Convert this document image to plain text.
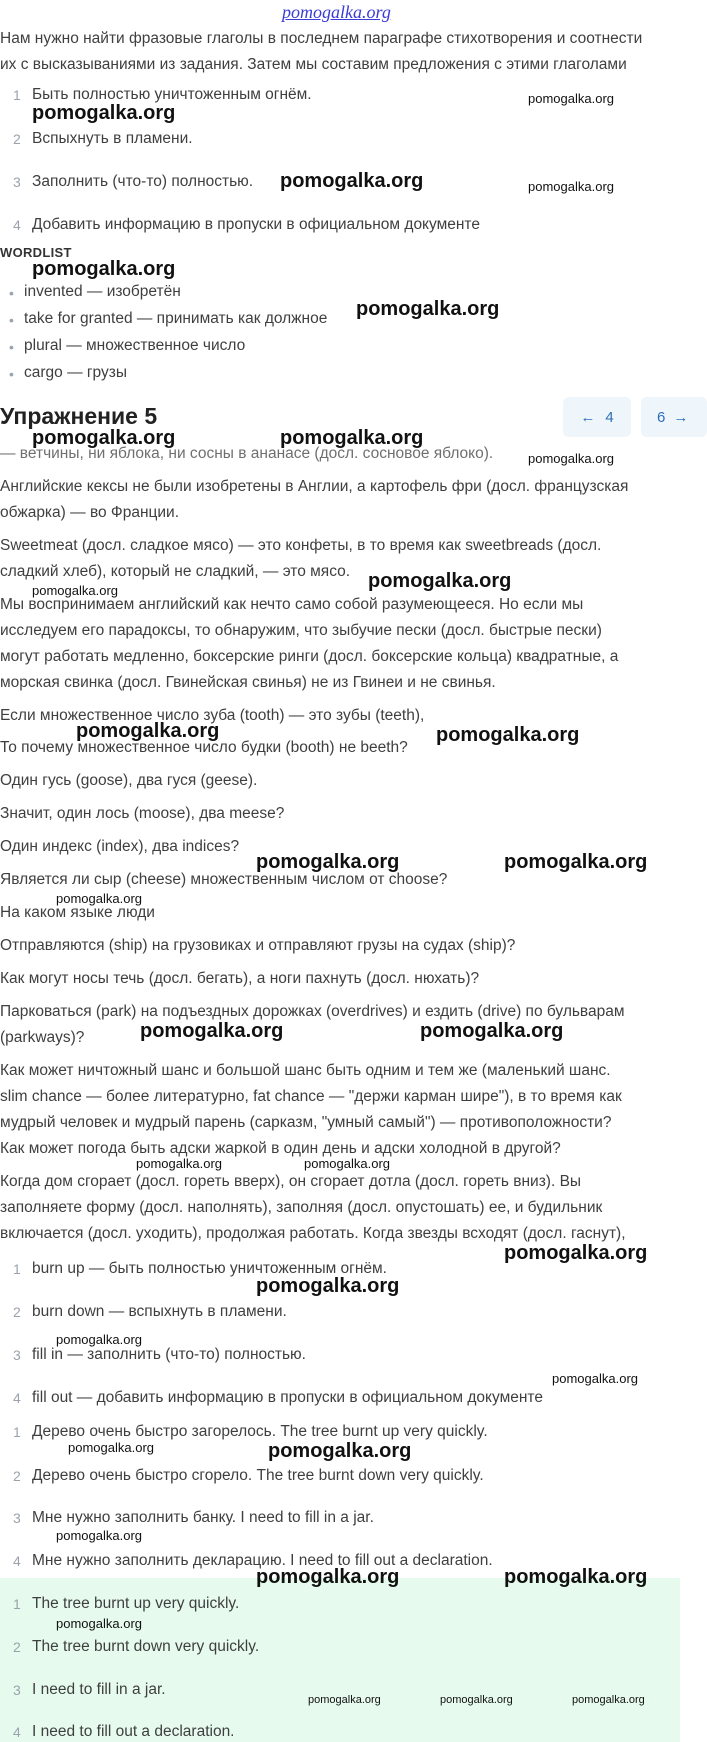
pomogalka.org
Нам нужно найти фразовые глаголы в последнем параграфе стихотворения и соотнести
их с высказываниями из задания. Затем мы составим предложения с этими глаголами
1 Быть полностью уничтоженным огнём.
2 Вспыхнуть в пламени.
3 Заполнить (что-то) полностью.
4 Добавить информацию в пропуски в официальном документе
WORDLIST
• invented — изобретён
• take for granted — принимать как должное
• plural — множественное число
• cargo — грузы
Упражнение 5	← 4	6 →
— ветчины, ни яблока, ни сосны в ананасе (досл. сосновое яблоко).
Английские кексы не были изобретены в Англии, а картофель фри (досл. французская
обжарка) — во Франции.
Sweetmeat (досл. сладкое мясо) — это конфеты, в то время как sweetbreads (досл.
сладкий хлеб), который не сладкий, — это мясо.
Мы воспринимаем английский как нечто само собой разумеющееся. Но если мы
исследуем его парадоксы, то обнаружим, что зыбучие пески (досл. быстрые пески)
могут работать медленно, боксерские ринги (досл. боксерские кольца) квадратные, а
морская свинка (досл. Гвинейская свинья) не из Гвинеи и не свинья.
Если множественное число зуба (tooth) — это зубы (teeth),
То почему множественное число будки (booth) не beeth?
Один гусь (goose), два гуся (geese).
Значит, один лось (moose), два meese?
Один индекс (index), два indices?
Является ли сыр (cheese) множественным числом от choose?
На каком языке люди
Отправляются (ship) на грузовиках и отправляют грузы на судах (ship)?
Как могут носы течь (досл. бегать), а ноги пахнуть (досл. нюхать)?
Парковаться (park) на подъездных дорожках (overdrives) и ездить (drive) по бульварам
(parkways)?
Как может ничтожный шанс и большой шанс быть одним и тем же (маленький шанс.
slim chance — более литературно, fat chance — "держи карман шире"), в то время как
мудрый человек и мудрый парень (сарказм, "умный самый") — противоположности?
Как может погода быть адски жаркой в один день и адски холодной в другой?
Когда дом сгорает (досл. гореть вверх), он сгорает дотла (досл. гореть вниз). Вы
заполняете форму (досл. наполнять), заполняя (досл. опустошать) ее, и будильник
включается (досл. уходить), продолжая работать. Когда звезды всходят (досл. гаснут),
1 burn up — быть полностью уничтоженным огнём.
2 burn down — вспыхнуть в пламени.
3 fill in — заполнить (что-то) полностью.
4 fill out — добавить информацию в пропуски в официальном документе
1 Дерево очень быстро загорелось. The tree burnt up very quickly.
2 Дерево очень быстро сгорело. The tree burnt down very quickly.
3 Мне нужно заполнить банку. I need to fill in a jar.
4 Мне нужно заполнить декларацию. I need to fill out a declaration.
1 The tree burnt up very quickly.
2 The tree burnt down very quickly.
3 I need to fill in a jar.
4 I need to fill out a declaration.
pomogalka.org
pomogalka.org
pomogalka.org	pomogalka.org
pomogalka.org
pomogalka.org
pomogalka.org	pomogalka.org
pomogalka.org
pomogalka.org	pomogalka.org
pomogalka.org	pomogalka.org
pomogalka.org	pomogalka.org
pomogalka.org
pomogalka.org	pomogalka.org
pomogalka.org	pomogalka.org
pomogalka.org
pomogalka.org
pomogalka.org
pomogalka.org
pomogalka.org
pomogalka.org
pomogalka.org
pomogalka.org	pomogalka.org
pomogalka.org
pomogalka.org	pomogalka.org	pomogalka.org
